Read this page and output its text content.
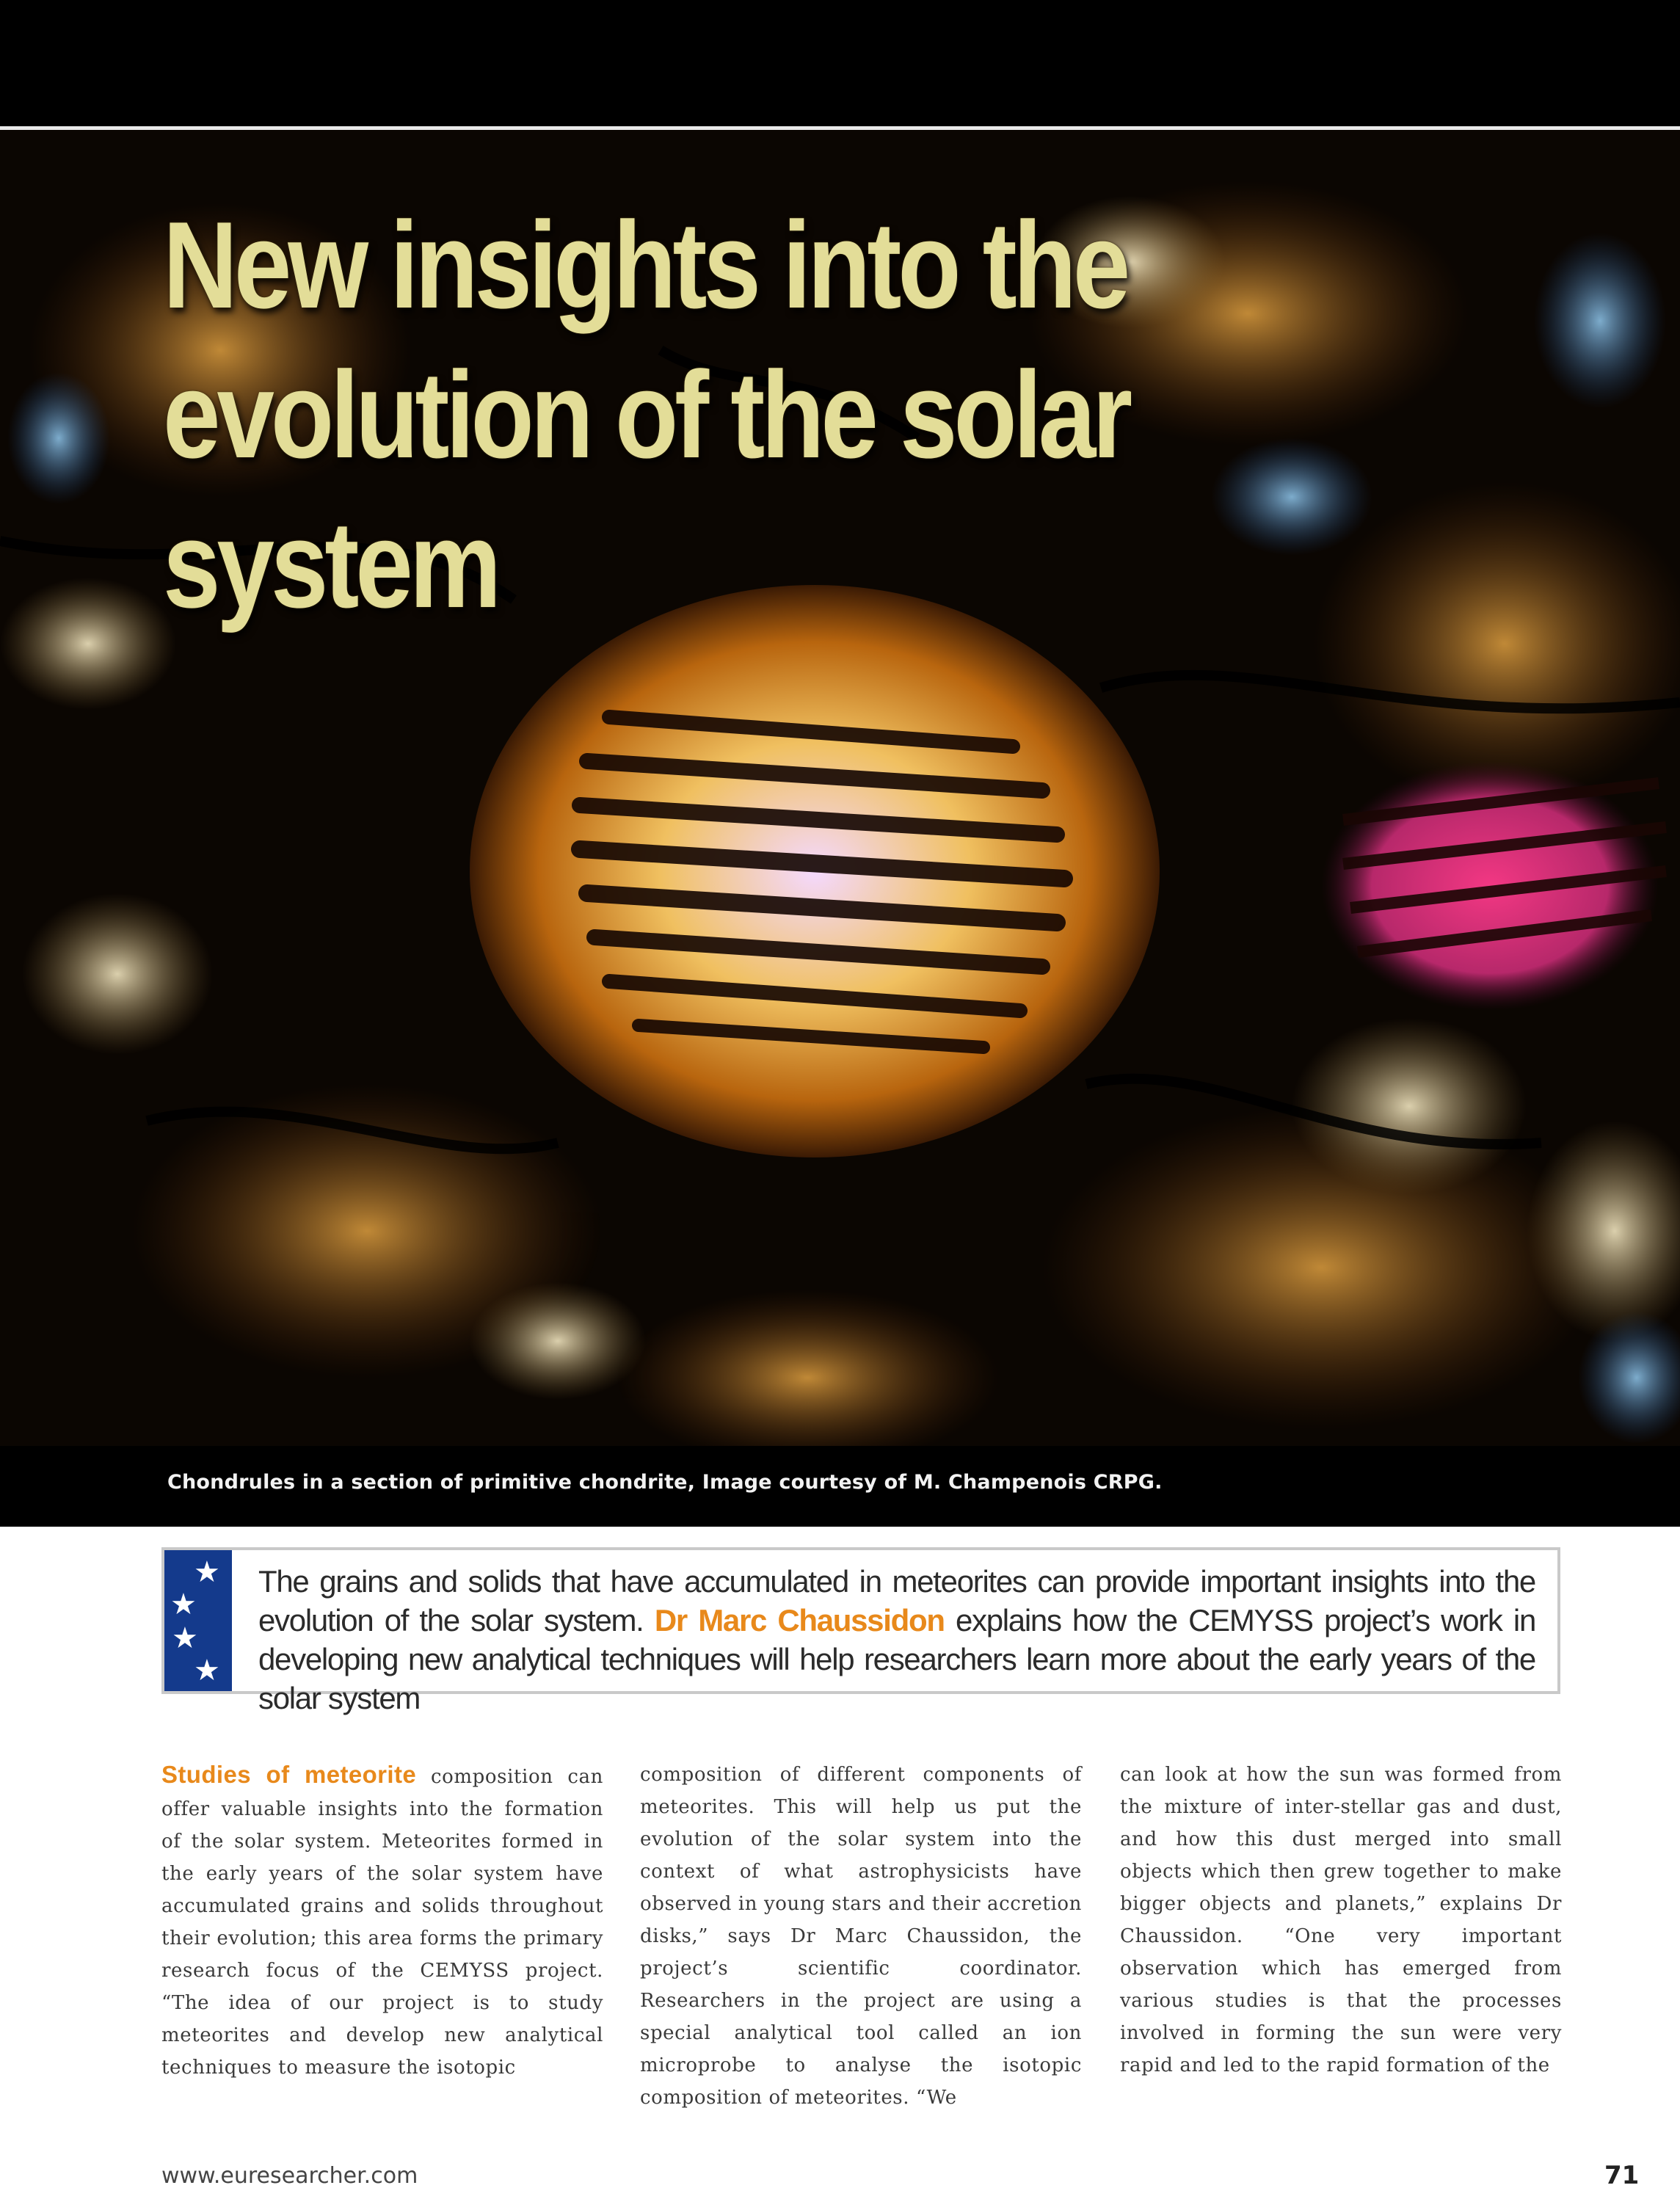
New insights into the
evolution of the solar system

Chondrules in a section of primitive chondrite, Image courtesy of M. Champenois CRPG.

★
★
★
★

The grains and solids that have accumulated in meteorites can provide important insights into the evolution of the solar system. Dr Marc Chaussidon explains how the CEMYSS project’s work in developing new analytical techniques will help researchers learn more about the early years of the solar system

Studies of meteorite composition can offer valuable insights into the formation of the solar system. Meteorites formed in the early years of the solar system have accumulated grains and solids throughout their evolution; this area forms the primary research focus of the CEMYSS project. “The idea of our project is to study meteorites and develop new analytical techniques to measure the isotopic

composition of different components of meteorites. This will help us put the evolution of the solar system into the context of what astrophysicists have observed in young stars and their accretion disks,” says Dr Marc Chaussidon, the project’s scientific coordinator. Researchers in the project are using a special analytical tool called an ion microprobe to analyse the isotopic composition of meteorites. “We

can look at how the sun was formed from the mixture of inter-stellar gas and dust, and how this dust merged into small objects which then grew together to make bigger objects and planets,” explains Dr Chaussidon. “One very important observation which has emerged from various studies is that the processes involved in forming the sun were very rapid and led to the rapid formation of the

www.euresearcher.com	71
